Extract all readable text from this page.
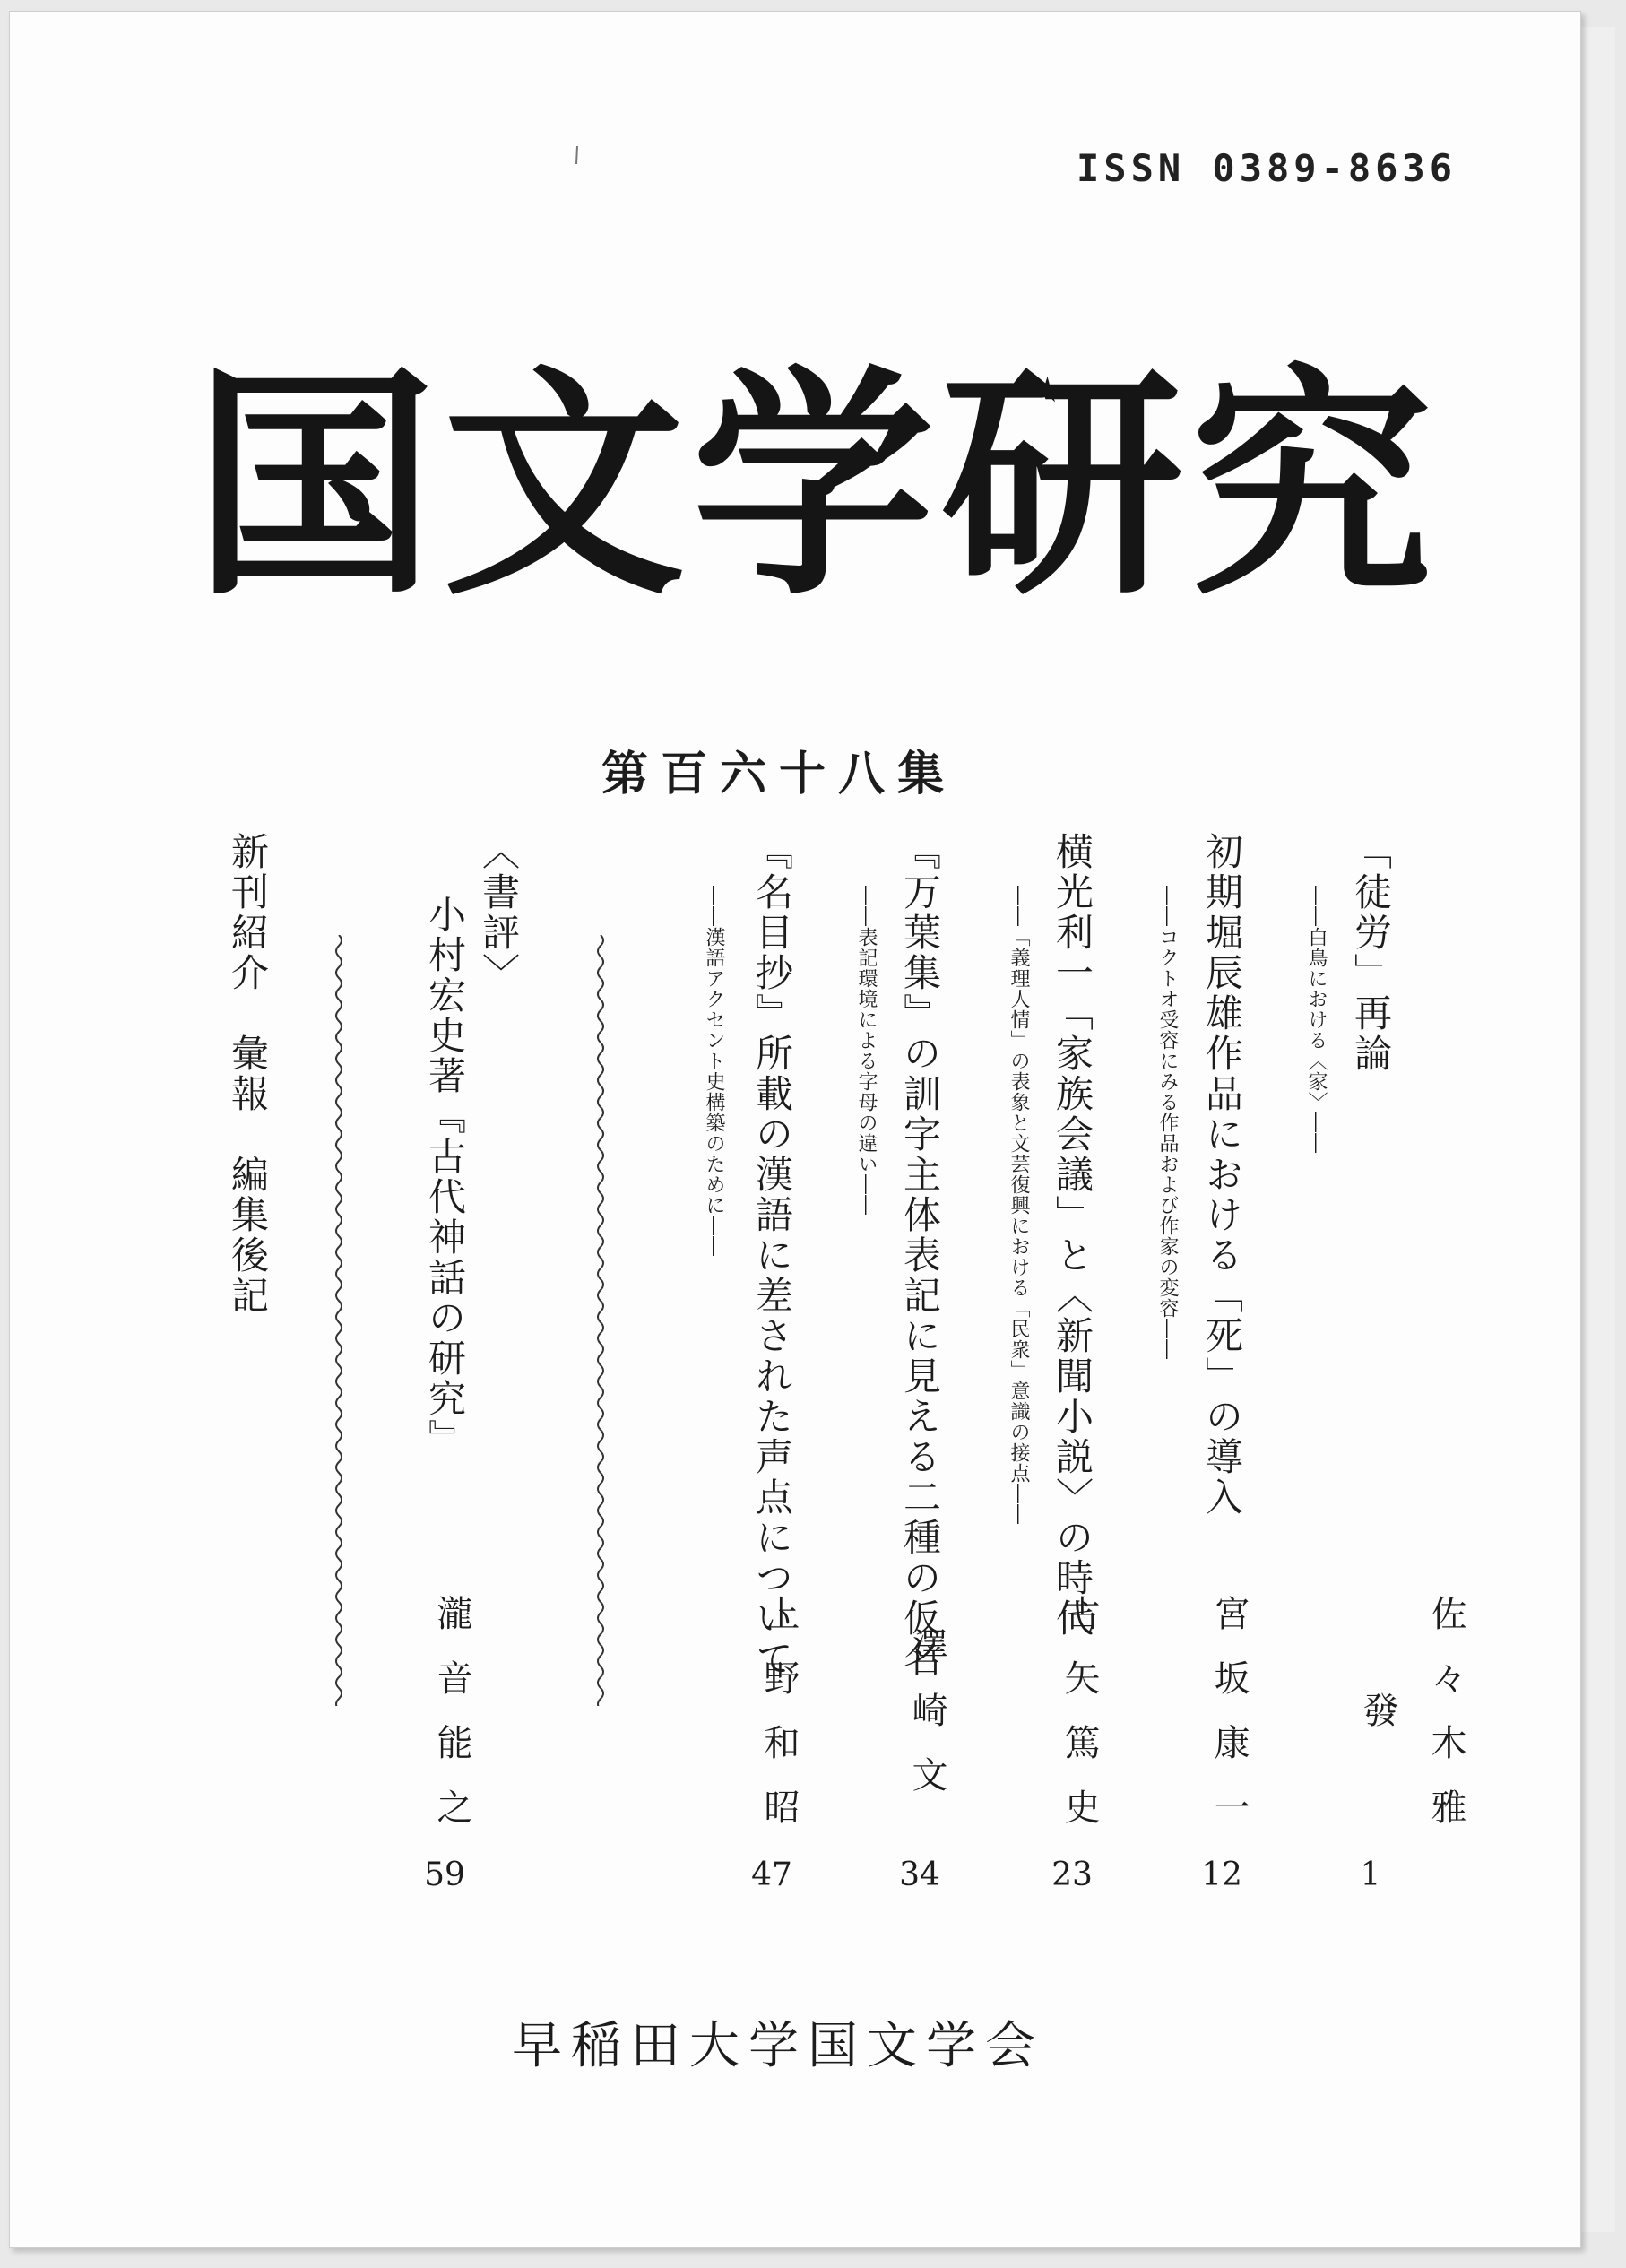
ISSN 0389-8636
国文学研究
第百六十八集
「徒労」再論
――白鳥における〈家〉――
佐々木雅發
1
初期堀辰雄作品における「死」の導入
――コクトオ受容にみる作品および作家の変容――
宮坂康一
12
横光利一「家族会議」と〈新聞小説〉の時代
――「義理人情」の表象と文芸復興における「民衆」意識の接点――
古矢篤史
23
『万葉集』の訓字主体表記に見える二種の仮名
――表記環境による字母の違い――
澤崎文
34
『名目抄』所載の漢語に差された声点について
――漢語アクセント史構築のために――
上野和昭
47
〈書評〉
小村宏史著『古代神話の研究』
瀧音能之
59
新刊紹介　彙報　編集後記
早稲田大学国文学会
